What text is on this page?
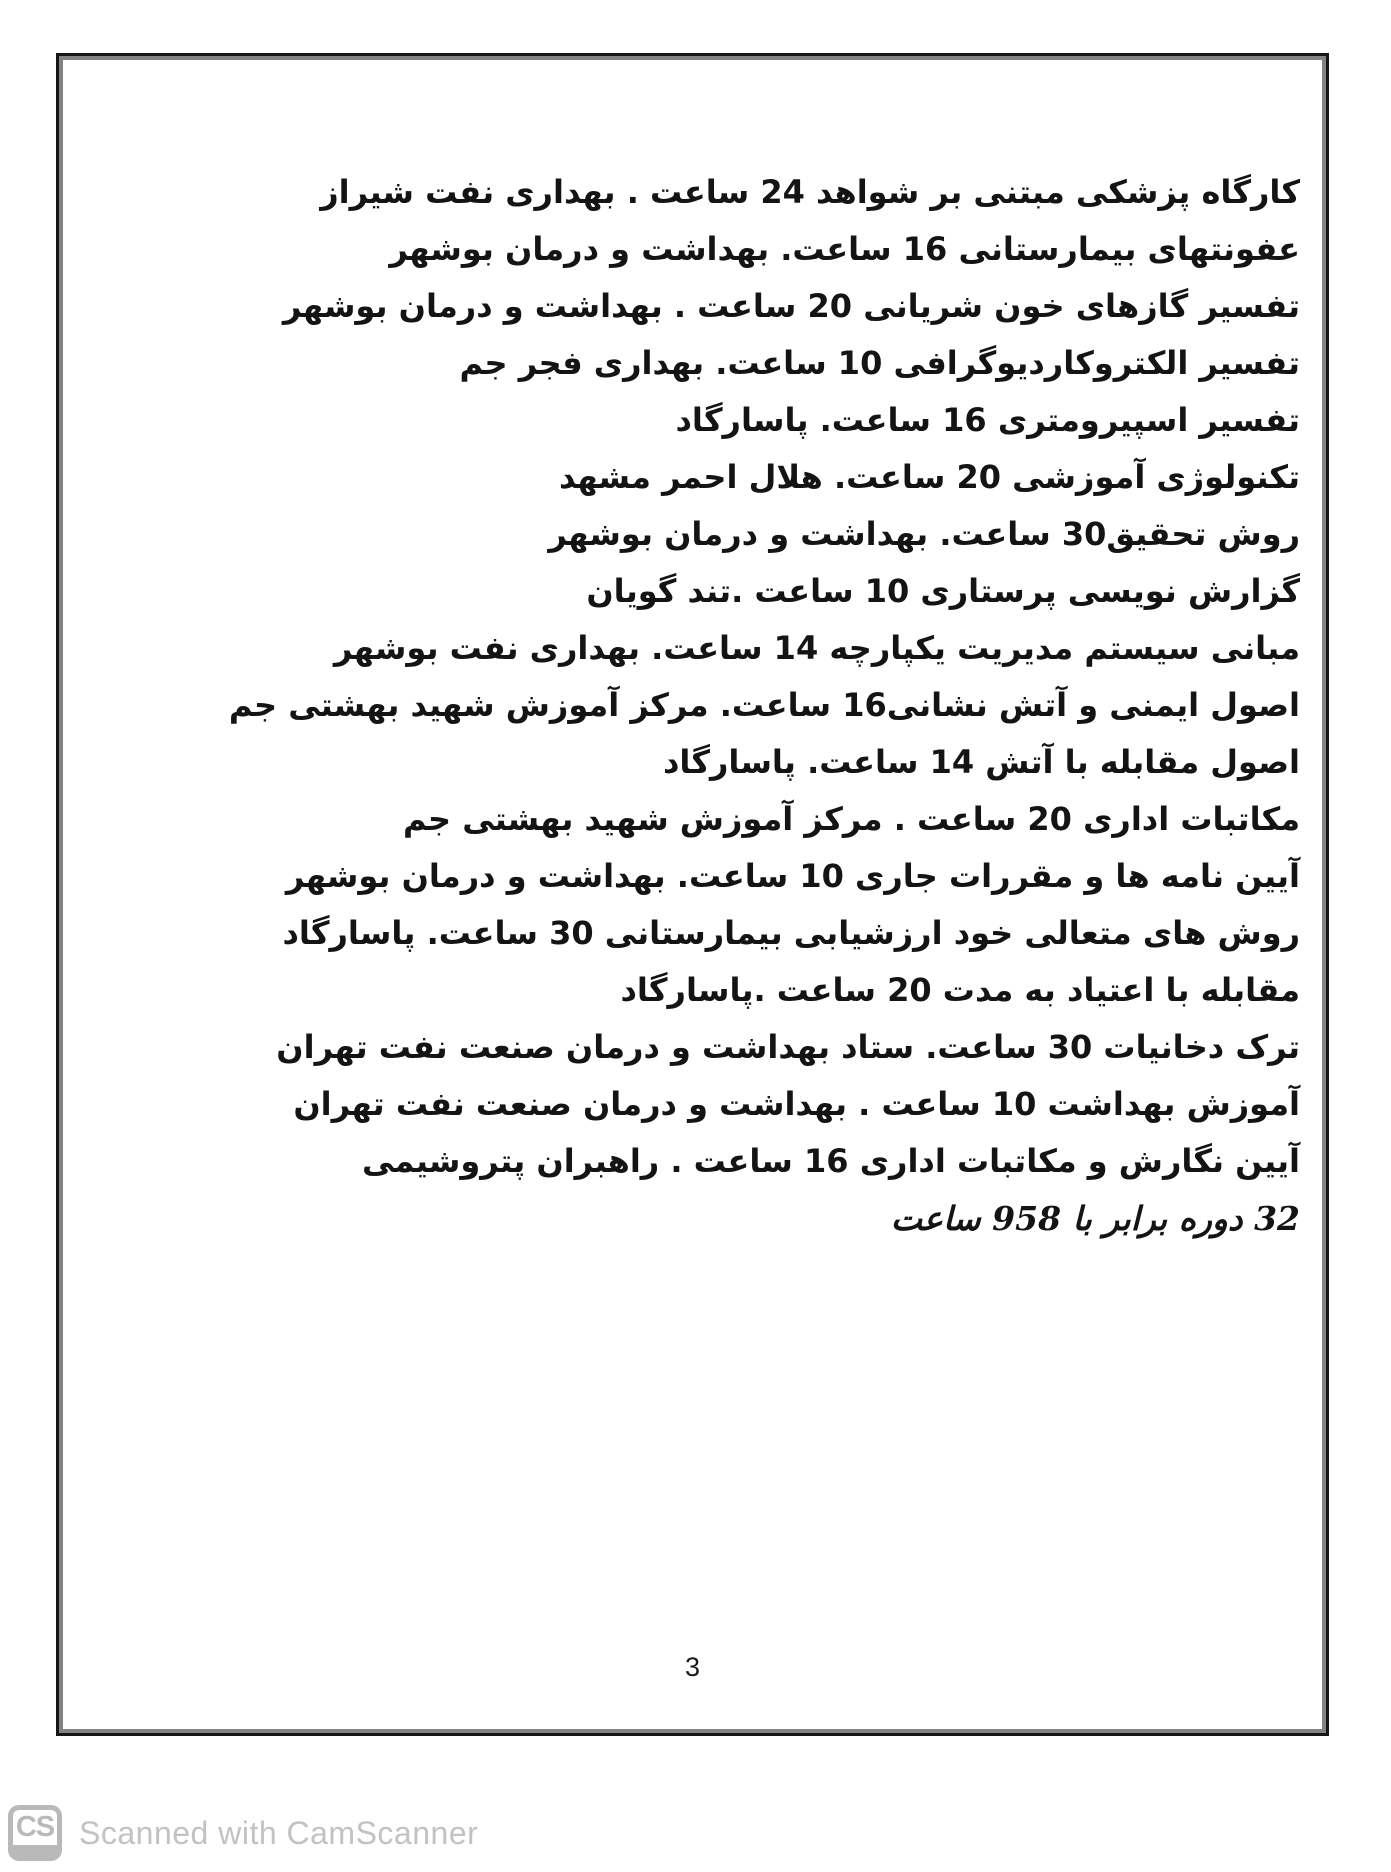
کارگاه پزشکی مبتنی بر شواهد 24 ساعت . بهداری نفت شیراز
عفونتهای بیمارستانی 16 ساعت. بهداشت و درمان بوشهر
تفسیر گازهای خون شریانی 20 ساعت . بهداشت و درمان بوشهر
تفسیر الکتروکاردیوگرافی 10 ساعت. بهداری فجر جم
تفسیر اسپیرومتری 16 ساعت. پاسارگاد
تکنولوژی آموزشی 20 ساعت. هلال احمر مشهد
روش تحقیق30 ساعت. بهداشت و درمان بوشهر
گزارش نویسی پرستاری 10 ساعت .تند گویان
مبانی سیستم مدیریت یکپارچه 14 ساعت. بهداری نفت بوشهر
اصول ایمنی و آتش نشانی16 ساعت. مرکز آموزش شهید بهشتی جم
اصول مقابله با آتش 14 ساعت. پاسارگاد
مکاتبات اداری 20 ساعت . مرکز آموزش شهید بهشتی جم
آیین نامه ها و مقررات جاری 10 ساعت. بهداشت و درمان بوشهر
روش های متعالی خود ارزشیابی بیمارستانی 30 ساعت. پاسارگاد
مقابله با اعتیاد به مدت 20 ساعت .پاسارگاد
ترک دخانیات 30 ساعت. ستاد بهداشت و درمان صنعت نفت تهران
آموزش بهداشت 10 ساعت . بهداشت و درمان صنعت نفت تهران
آیین نگارش و مکاتبات اداری 16 ساعت . راهبران پتروشیمی
32 دوره برابر با 958 ساعت
3
CS Scanned with CamScanner
